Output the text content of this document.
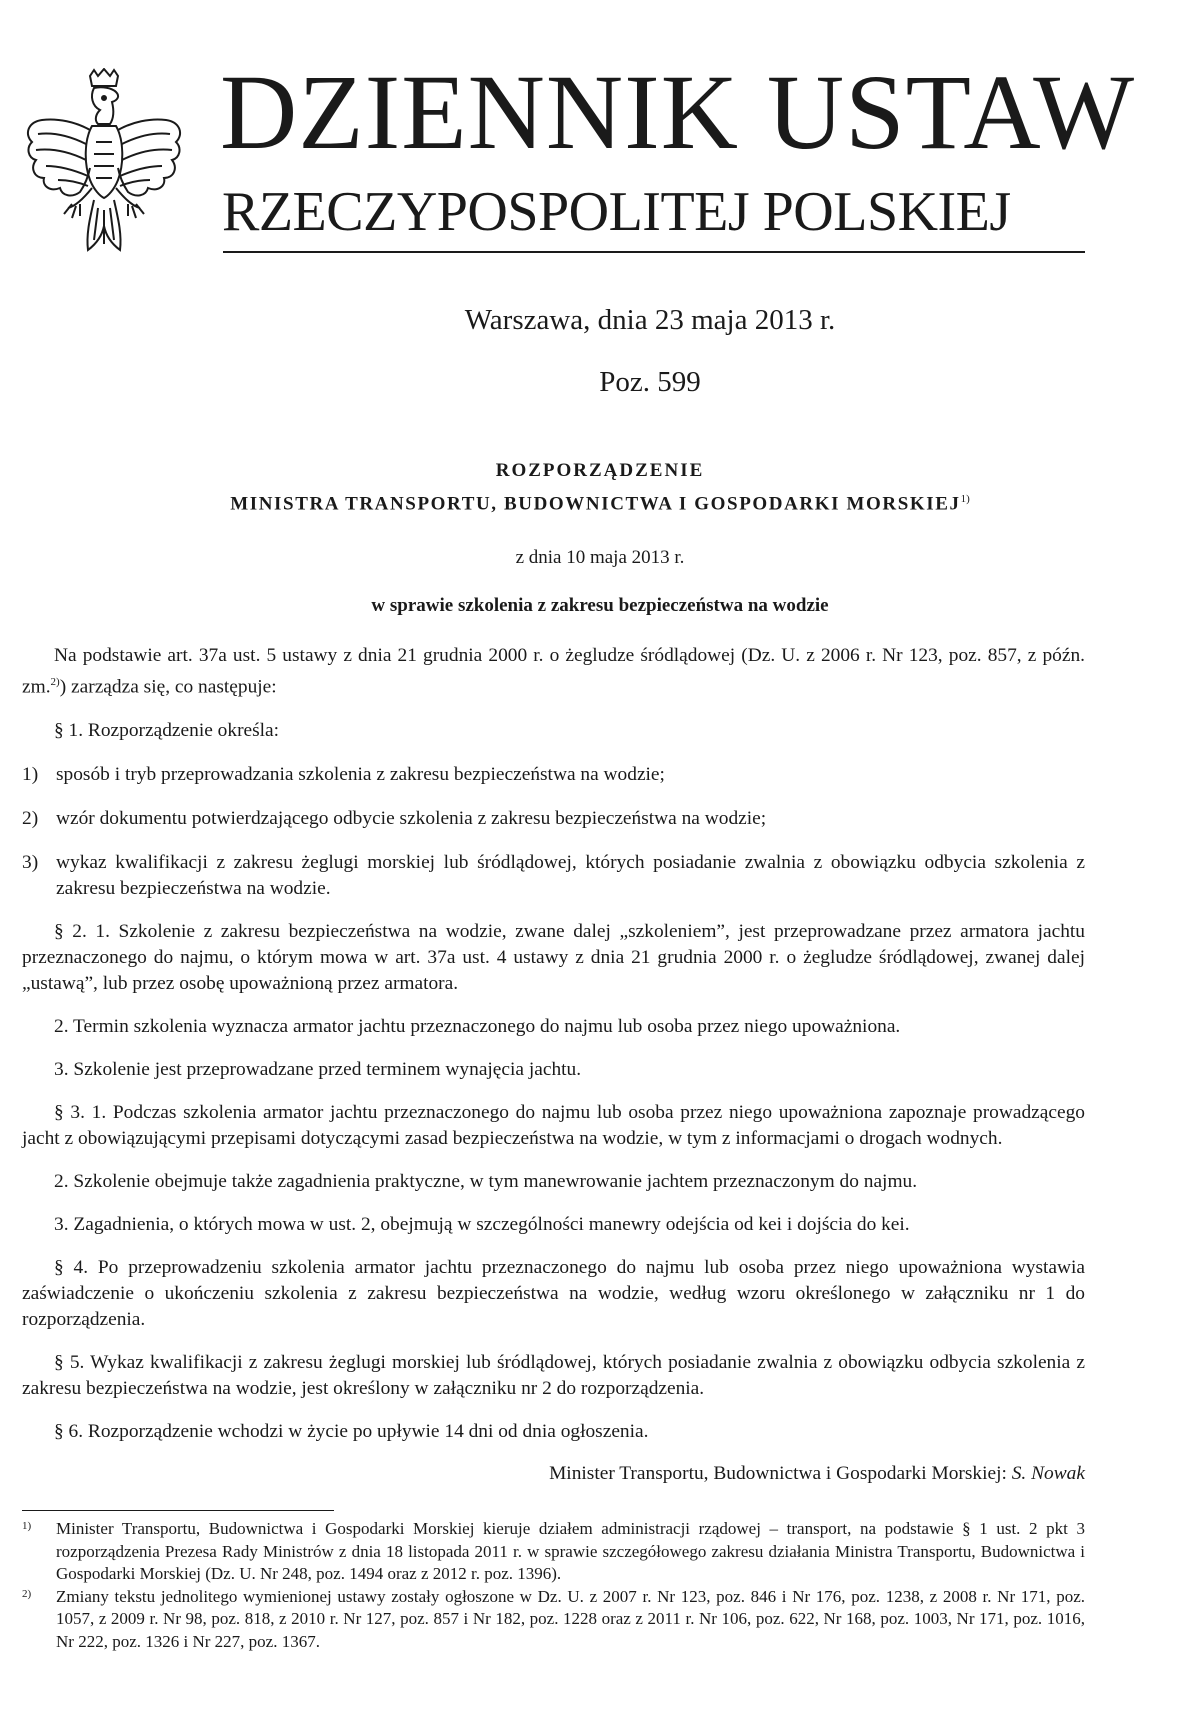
DZIENNIK USTAW
RZECZYPOSPOLITEJ POLSKIEJ
Warszawa, dnia 23 maja 2013 r.
Poz. 599
ROZPORZĄDZENIE
MINISTRA TRANSPORTU, BUDOWNICTWA I GOSPODARKI MORSKIEJ$^{1)}$
z dnia 10 maja 2013 r.
w sprawie szkolenia z zakresu bezpieczeństwa na wodzie

Na podstawie art. 37a ust. 5 ustawy z dnia 21 grudnia 2000 r. o żegludze śródlądowej (Dz. U. z 2006 r. Nr 123, poz. 857, z późn. zm.$^{2)}$) zarządza się, co następuje:

§ 1. Rozporządzenie określa:

1) sposób i tryb przeprowadzania szkolenia z zakresu bezpieczeństwa na wodzie;
2) wzór dokumentu potwierdzającego odbycie szkolenia z zakresu bezpieczeństwa na wodzie;
3) wykaz kwalifikacji z zakresu żeglugi morskiej lub śródlądowej, których posiadanie zwalnia z obowiązku odbycia szkolenia z zakresu bezpieczeństwa na wodzie.

§ 2. 1. Szkolenie z zakresu bezpieczeństwa na wodzie, zwane dalej „szkoleniem”, jest przeprowadzane przez armatora jachtu przeznaczonego do najmu, o którym mowa w art. 37a ust. 4 ustawy z dnia 21 grudnia 2000 r. o żegludze śródlądowej, zwanej dalej „ustawą”, lub przez osobę upoważnioną przez armatora.

2. Termin szkolenia wyznacza armator jachtu przeznaczonego do najmu lub osoba przez niego upoważniona.

3. Szkolenie jest przeprowadzane przed terminem wynajęcia jachtu.

§ 3. 1. Podczas szkolenia armator jachtu przeznaczonego do najmu lub osoba przez niego upoważniona zapoznaje prowadzącego jacht z obowiązującymi przepisami dotyczącymi zasad bezpieczeństwa na wodzie, w tym z informacjami o drogach wodnych.

2. Szkolenie obejmuje także zagadnienia praktyczne, w tym manewrowanie jachtem przeznaczonym do najmu.

3. Zagadnienia, o których mowa w ust. 2, obejmują w szczególności manewry odejścia od kei i dojścia do kei.

§ 4. Po przeprowadzeniu szkolenia armator jachtu przeznaczonego do najmu lub osoba przez niego upoważniona wystawia zaświadczenie o ukończeniu szkolenia z zakresu bezpieczeństwa na wodzie, według wzoru określonego w załączniku nr 1 do rozporządzenia.

§ 5. Wykaz kwalifikacji z zakresu żeglugi morskiej lub śródlądowej, których posiadanie zwalnia z obowiązku odbycia szkolenia z zakresu bezpieczeństwa na wodzie, jest określony w załączniku nr 2 do rozporządzenia.

§ 6. Rozporządzenie wchodzi w życie po upływie 14 dni od dnia ogłoszenia.

Minister Transportu, Budownictwa i Gospodarki Morskiej: S. Nowak

1)	Minister Transportu, Budownictwa i Gospodarki Morskiej kieruje działem administracji rządowej – transport, na podstawie § 1 ust. 2 pkt 3 rozporządzenia Prezesa Rady Ministrów z dnia 18 listopada 2011 r. w sprawie szczegółowego zakresu działania Ministra Transportu, Budownictwa i Gospodarki Morskiej (Dz. U. Nr 248, poz. 1494 oraz z 2012 r. poz. 1396).
2)	Zmiany tekstu jednolitego wymienionej ustawy zostały ogłoszone w Dz. U. z 2007 r. Nr 123, poz. 846 i Nr 176, poz. 1238, z 2008 r. Nr 171, poz. 1057, z 2009 r. Nr 98, poz. 818, z 2010 r. Nr 127, poz. 857 i Nr 182, poz. 1228 oraz z 2011 r. Nr 106, poz. 622, Nr 168, poz. 1003, Nr 171, poz. 1016, Nr 222, poz. 1326 i Nr 227, poz. 1367.
